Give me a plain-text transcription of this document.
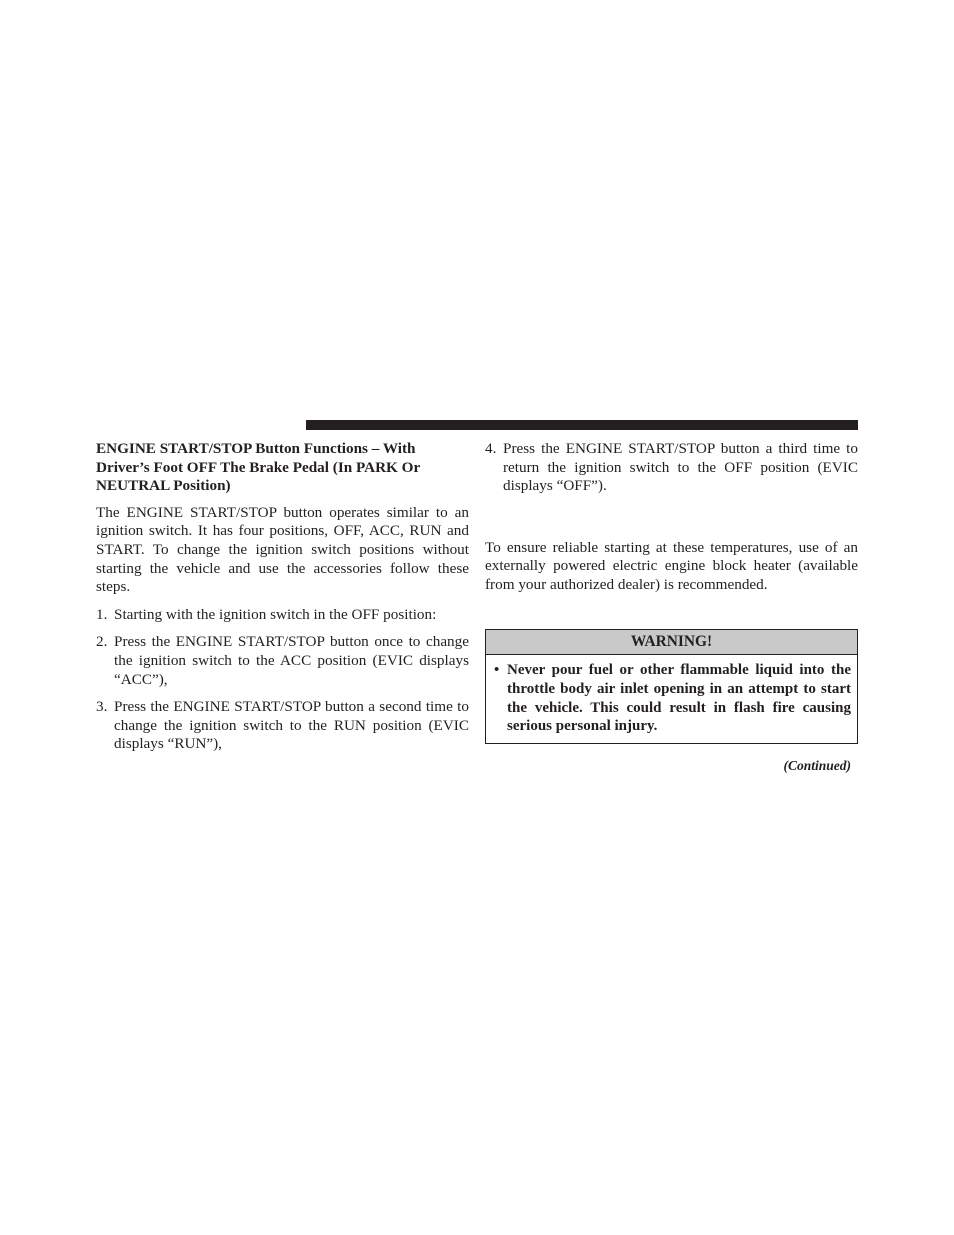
ENGINE START/STOP Button Functions – With Driver’s Foot OFF The Brake Pedal (In PARK Or NEUTRAL Position)

The ENGINE START/STOP button operates similar to an ignition switch. It has four positions, OFF, ACC, RUN and START. To change the ignition switch positions without starting the vehicle and use the accessories follow these steps.

1. Starting with the ignition switch in the OFF position:
2. Press the ENGINE START/STOP button once to change the ignition switch to the ACC position (EVIC displays “ACC”),
3. Press the ENGINE START/STOP button a second time to change the ignition switch to the RUN position (EVIC displays “RUN”),
4. Press the ENGINE START/STOP button a third time to return the ignition switch to the OFF position (EVIC displays “OFF”).

To ensure reliable starting at these temperatures, use of an externally powered electric engine block heater (available from your authorized dealer) is recommended.

WARNING!
• Never pour fuel or other flammable liquid into the throttle body air inlet opening in an attempt to start the vehicle. This could result in flash fire causing serious personal injury.
(Continued)
